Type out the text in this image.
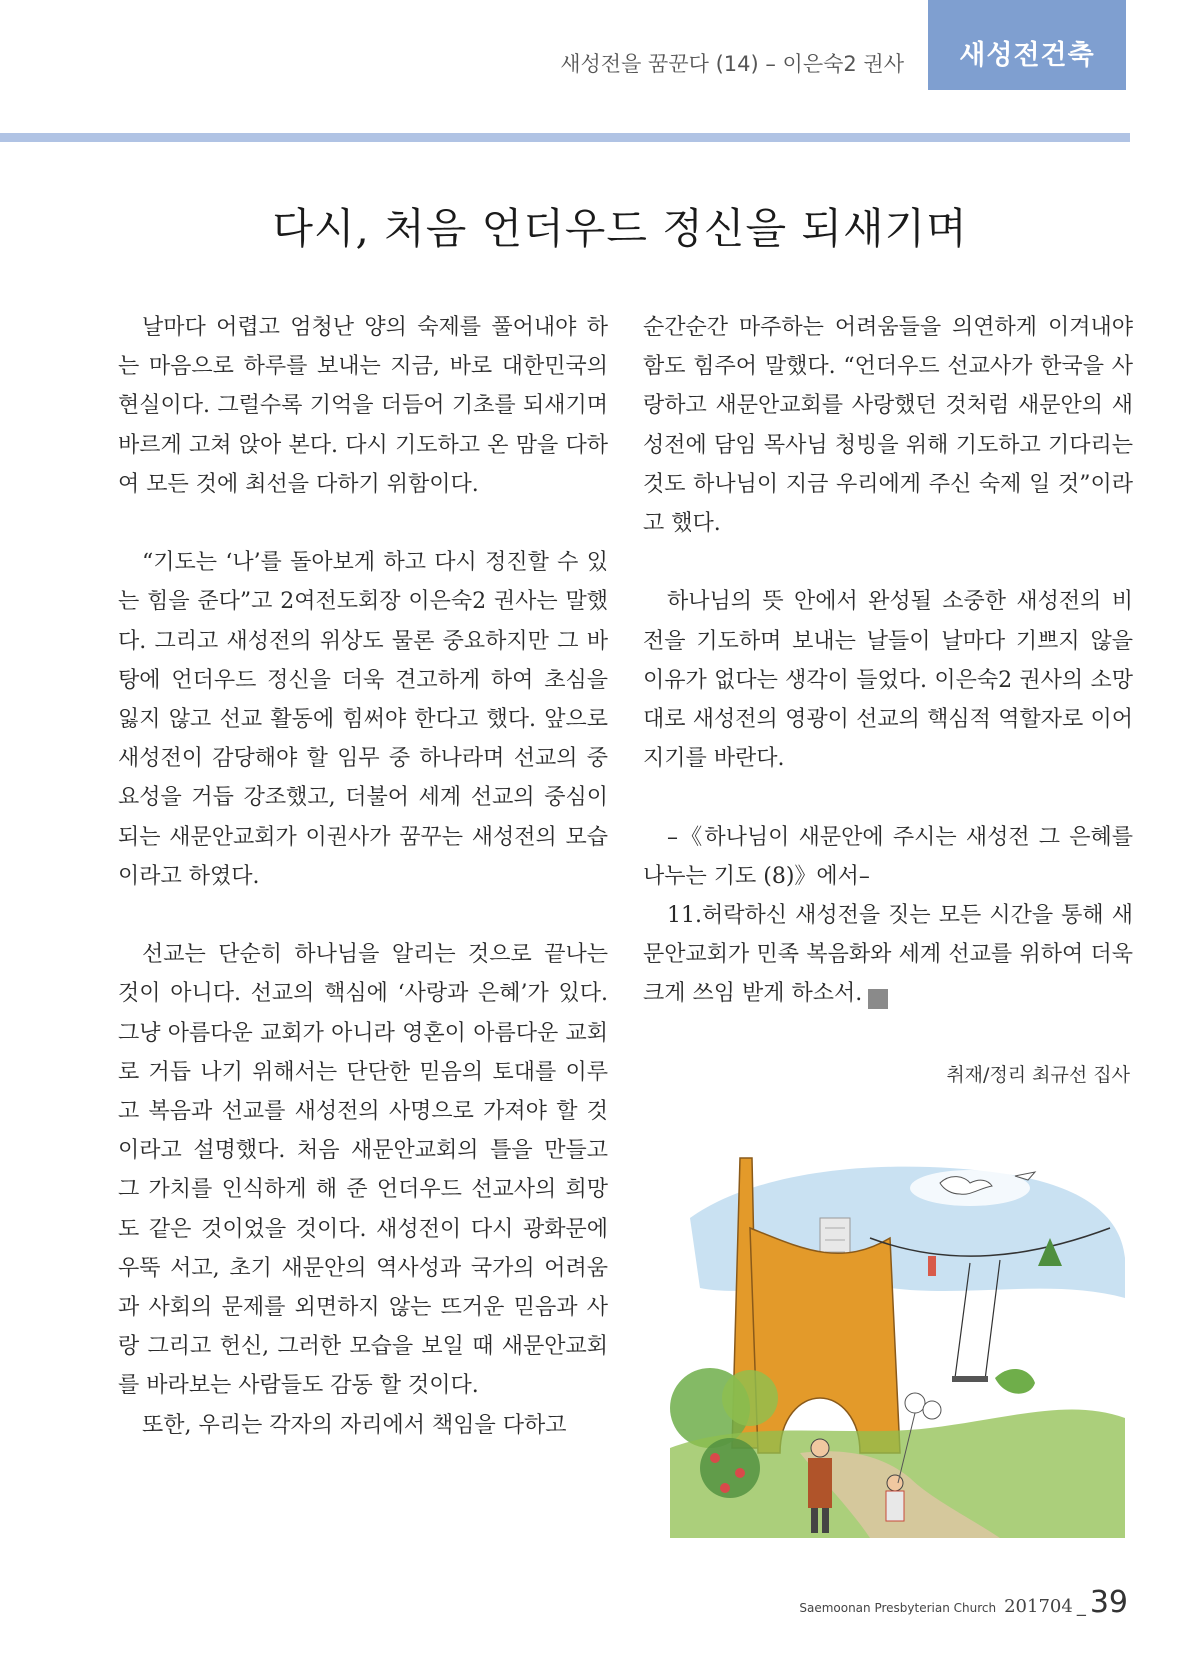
새성전을 꿈꾼다 (14) – 이은숙2 권사	새성전건축
다시, 처음 언더우드 정신을 되새기며

날마다 어렵고 엄청난 양의 숙제를 풀어내야 하는 마음으로 하루를 보내는 지금, 바로 대한민국의 현실이다. 그럴수록 기억을 더듬어 기초를 되새기며 바르게 고쳐 앉아 본다. 다시 기도하고 온 맘을 다하여 모든 것에 최선을 다하기 위함이다.

“기도는 ‘나’를 돌아보게 하고 다시 정진할 수 있는 힘을 준다”고 2여전도회장 이은숙2 권사는 말했다. 그리고 새성전의 위상도 물론 중요하지만 그 바탕에 언더우드 정신을 더욱 견고하게 하여 초심을 잃지 않고 선교 활동에 힘써야 한다고 했다. 앞으로 새성전이 감당해야 할 임무 중 하나라며 선교의 중요성을 거듭 강조했고, 더불어 세계 선교의 중심이 되는 새문안교회가 이권사가 꿈꾸는 새성전의 모습이라고 하였다.

선교는 단순히 하나님을 알리는 것으로 끝나는 것이 아니다. 선교의 핵심에 ‘사랑과 은혜’가 있다. 그냥 아름다운 교회가 아니라 영혼이 아름다운 교회로 거듭 나기 위해서는 단단한 믿음의 토대를 이루고 복음과 선교를 새성전의 사명으로 가져야 할 것이라고 설명했다. 처음 새문안교회의 틀을 만들고 그 가치를 인식하게 해 준 언더우드 선교사의 희망도 같은 것이었을 것이다. 새성전이 다시 광화문에 우뚝 서고, 초기 새문안의 역사성과 국가의 어려움과 사회의 문제를 외면하지 않는 뜨거운 믿음과 사랑 그리고 헌신, 그러한 모습을 보일 때 새문안교회를 바라보는 사람들도 감동 할 것이다.

또한, 우리는 각자의 자리에서 책임을 다하고

순간순간 마주하는 어려움들을 의연하게 이겨내야 함도 힘주어 말했다. “언더우드 선교사가 한국을 사랑하고 새문안교회를 사랑했던 것처럼 새문안의 새성전에 담임 목사님 청빙을 위해 기도하고 기다리는 것도 하나님이 지금 우리에게 주신 숙제 일 것”이라고 했다.

하나님의 뜻 안에서 완성될 소중한 새성전의 비전을 기도하며 보내는 날들이 날마다 기쁘지 않을 이유가 없다는 생각이 들었다. 이은숙2 권사의 소망대로 새성전의 영광이 선교의 핵심적 역할자로 이어지기를 바란다.

–《하나님이 새문안에 주시는 새성전 그 은혜를 나누는 기도 (8)》에서–

11.허락하신 새성전을 짓는 모든 시간을 통해 새문안교회가 민족 복음화와 세계 선교를 위하여 더욱 크게 쓰임 받게 하소서. 새

취재/정리 최규선 집사
Saemoonan Presbyterian Church 201704 _ 39
